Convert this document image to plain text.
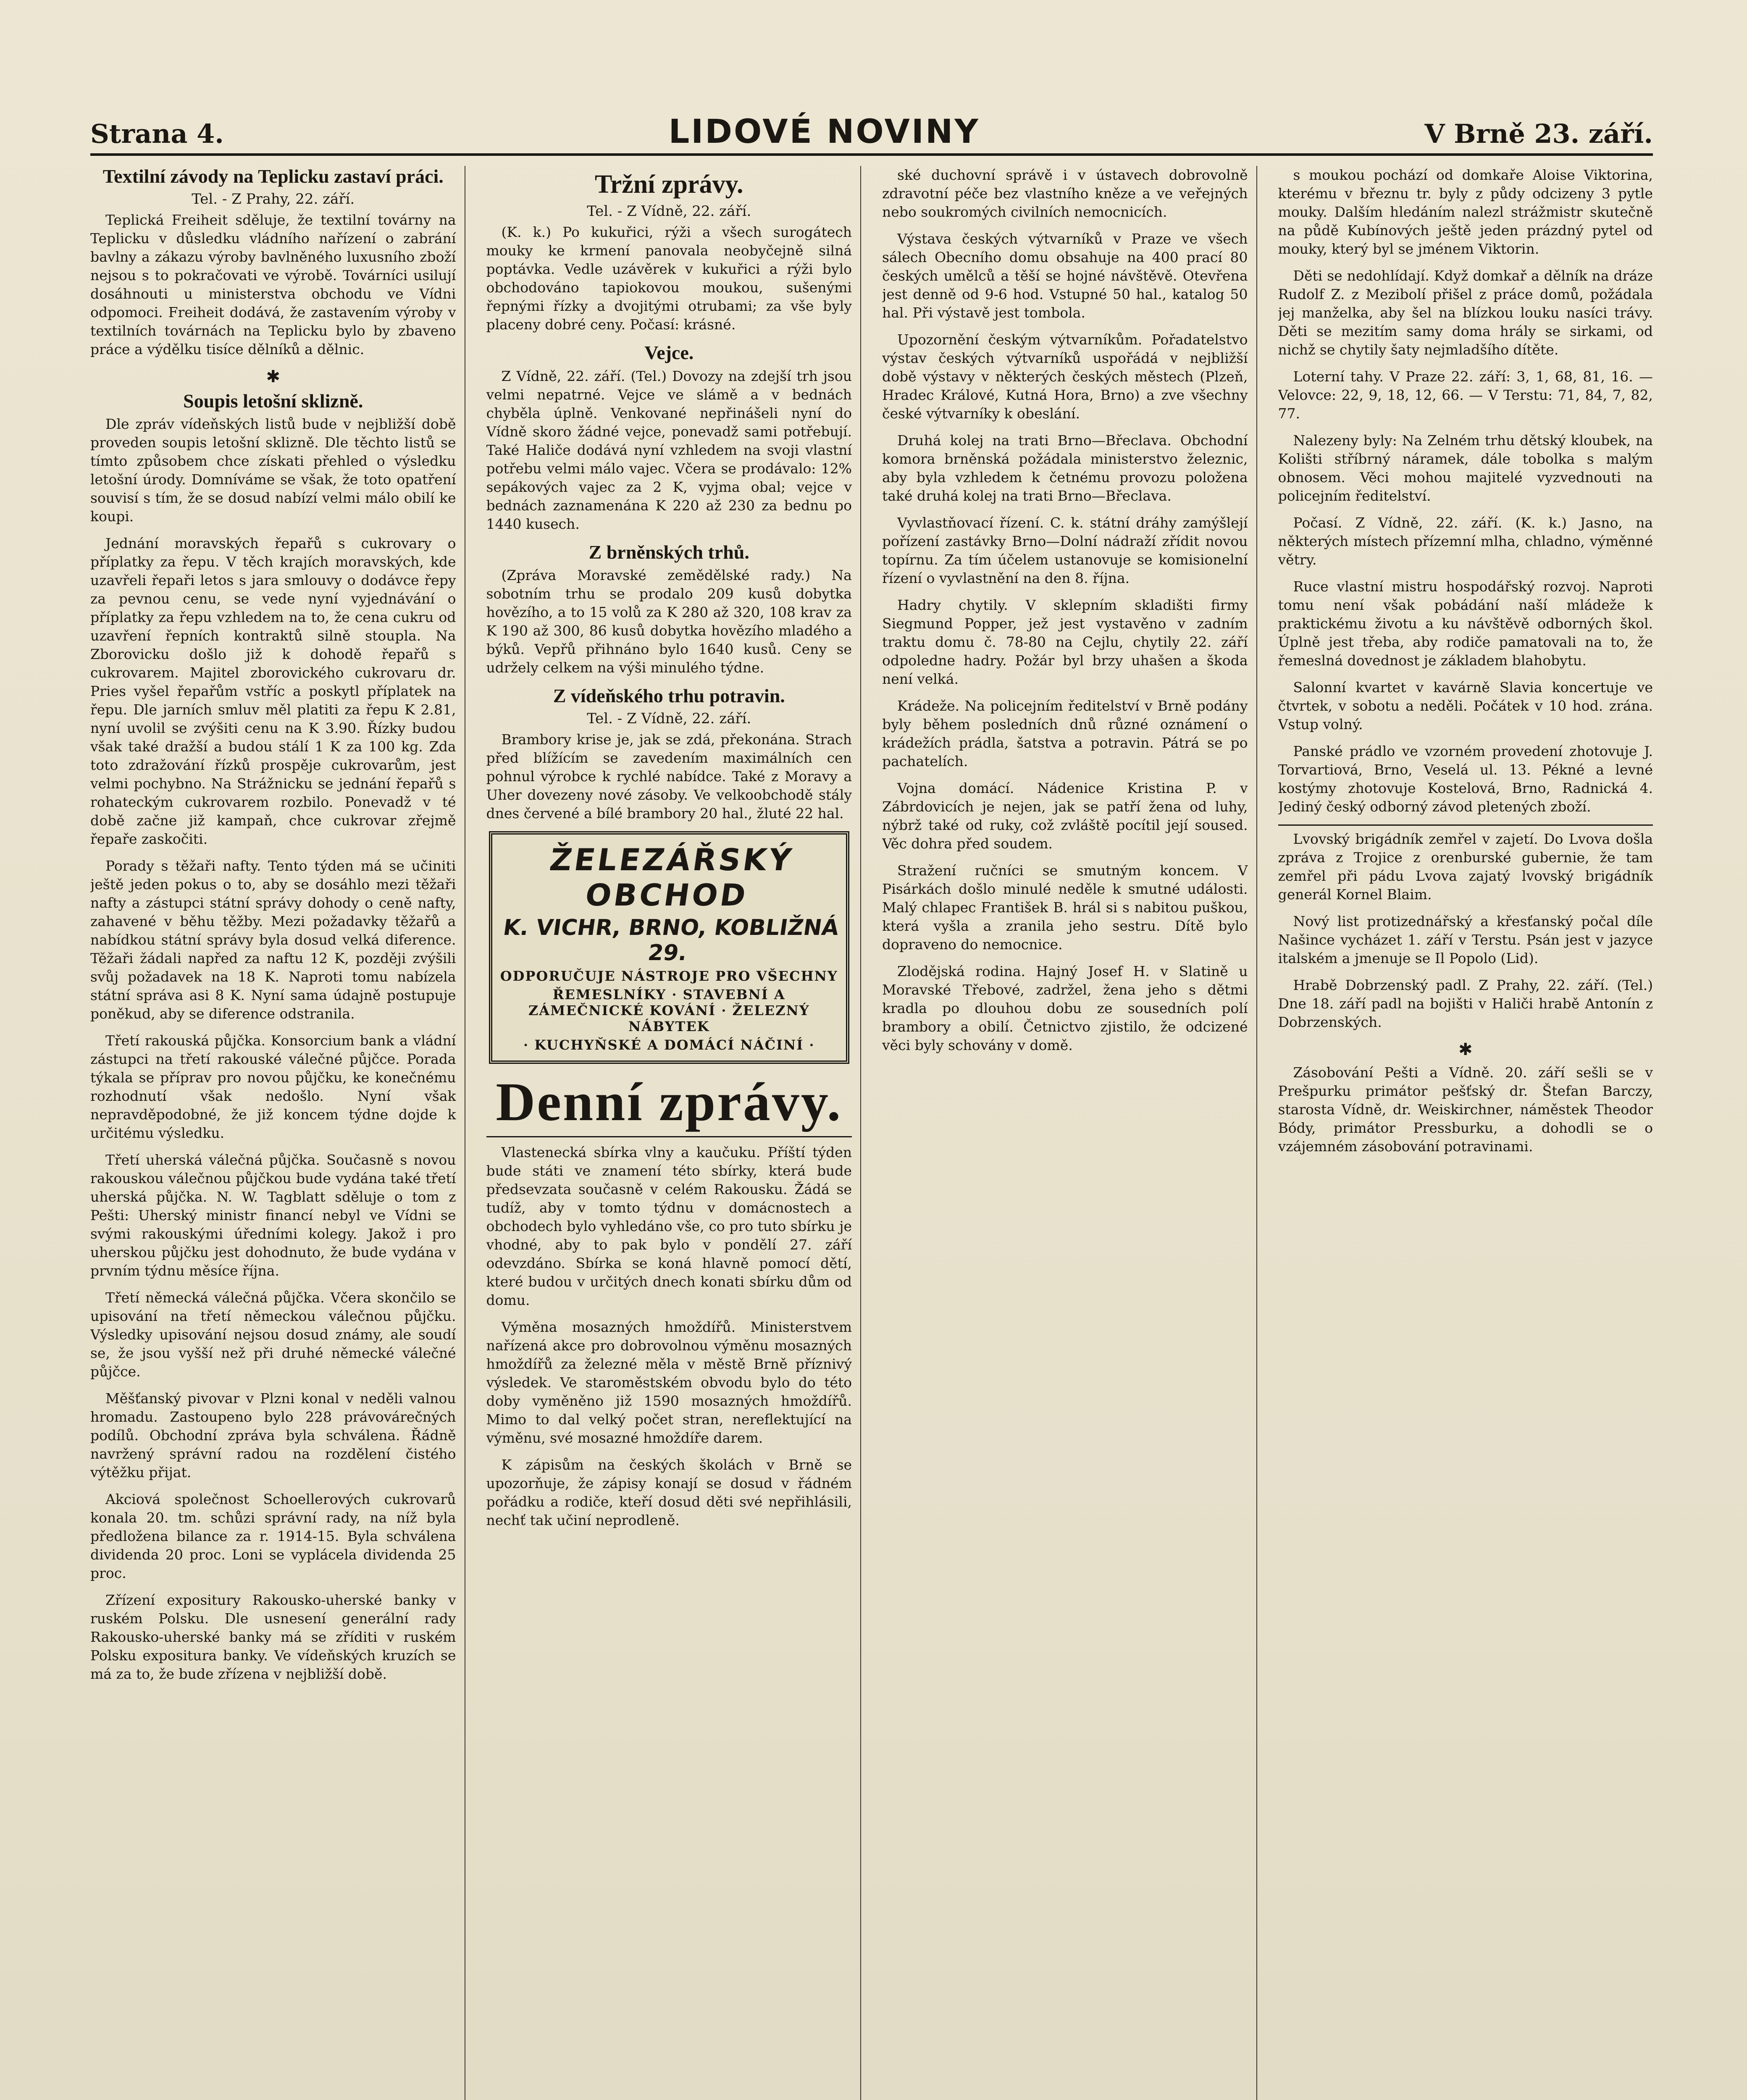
Strana 4.	LIDOVÉ NOVINY	V Brně 23. září.
Textilní závody na Teplicku zastaví práci.
Tel. - Z Prahy, 22. září.

Teplická Freiheit sděluje, že textilní továrny na Teplicku v důsledku vládního nařízení o zabrání bavlny a zákazu výroby bavlněného luxusního zboží nejsou s to pokračovati ve výrobě. Továrníci usilují dosáhnouti u ministerstva obchodu ve Vídni odpomoci. Freiheit dodává, že zastavením výroby v textilních továrnách na Teplicku bylo by zbaveno práce a výdělku tisíce dělníků a dělnic.

✱
Soupis letošní sklizně.

Dle zpráv vídeňských listů bude v nejbližší době proveden soupis letošní sklizně. Dle těchto listů se tímto způsobem chce získati přehled o výsledku letošní úrody. Domníváme se však, že toto opatření souvisí s tím, že se dosud nabízí velmi málo obilí ke koupi.

Jednání moravských řepařů s cukrovary o příplatky za řepu. V těch krajích moravských, kde uzavřeli řepaři letos s jara smlouvy o dodávce řepy za pevnou cenu, se vede nyní vyjednávání o příplatky za řepu vzhledem na to, že cena cukru od uzavření řepních kontraktů silně stoupla. Na Zborovicku došlo již k dohodě řepařů s cukrovarem. Majitel zborovického cukrovaru dr. Pries vyšel řepařům vstříc a poskytl příplatek na řepu. Dle jarních smluv měl platiti za řepu K 2.81, nyní uvolil se zvýšiti cenu na K 3.90. Řízky budou však také dražší a budou stálí 1 K za 100 kg. Zda toto zdražování řízků prospěje cukrovarům, jest velmi pochybno. Na Strážnicku se jednání řepařů s rohateckým cukrovarem rozbilo. Ponevadž v té době začne již kampaň, chce cukrovar zřejmě řepaře zaskočiti.

Porady s těžaři nafty. Tento týden má se učiniti ještě jeden pokus o to, aby se dosáhlo mezi těžaři nafty a zástupci státní správy dohody o ceně nafty, zahavené v běhu těžby. Mezi požadavky těžařů a nabídkou státní správy byla dosud velká diference. Těžaři žádali napřed za naftu 12 K, později zvýšili svůj požadavek na 18 K. Naproti tomu nabízela státní správa asi 8 K. Nyní sama údajně postupuje poněkud, aby se diference odstranila.

Třetí rakouská půjčka. Konsorcium bank a vládní zástupci na třetí rakouské válečné půjčce. Porada týkala se příprav pro novou půjčku, ke konečnému rozhodnutí však nedošlo. Nyní však nepravděpodobné, že již koncem týdne dojde k určitému výsledku.

Třetí uherská válečná půjčka. Současně s novou rakouskou válečnou půjčkou bude vydána také třetí uherská půjčka. N. W. Tagblatt sděluje o tom z Pešti: Uherský ministr financí nebyl ve Vídni se svými rakouskými úředními kolegy. Jakož i pro uherskou půjčku jest dohodnuto, že bude vydána v prvním týdnu měsíce října.

Třetí německá válečná půjčka. Včera skončilo se upisování na třetí německou válečnou půjčku. Výsledky upisování nejsou dosud známy, ale soudí se, že jsou vyšší než při druhé německé válečné půjčce.

Měšťanský pivovar v Plzni konal v neděli valnou hromadu. Zastoupeno bylo 228 právovárečných podílů. Obchodní zpráva byla schválena. Řádně navržený správní radou na rozdělení čistého výtěžku přijat.

Akciová společnost Schoellerových cukrovarů konala 20. tm. schůzi správní rady, na níž byla předložena bilance za r. 1914-15. Byla schválena dividenda 20 proc. Loni se vyplácela dividenda 25 proc.

Zřízení expositury Rakousko-uherské banky v ruském Polsku. Dle usnesení generální rady Rakousko-uherské banky má se zříditi v ruském Polsku expositura banky. Ve vídeňských kruzích se má za to, že bude zřízena v nejbližší době.

Tržní zprávy.
Tel. - Z Vídně, 22. září.

(K. k.) Po kukuřici, rýži a všech surogátech mouky ke krmení panovala neobyčejně silná poptávka. Vedle uzávěrek v kukuřici a rýži bylo obchodováno tapiokovou moukou, sušenými řepnými řízky a dvojitými otrubami; za vše byly placeny dobré ceny. Počasí: krásné.

Vejce.

Z Vídně, 22. září. (Tel.) Dovozy na zdejší trh jsou velmi nepatrné. Vejce ve slámě a v bednách chyběla úplně. Venkované nepřinášeli nyní do Vídně skoro žádné vejce, ponevadž sami potřebují. Také Haliče dodává nyní vzhledem na svoji vlastní potřebu velmi málo vajec. Včera se prodávalo: 12% sepákových vajec za 2 K, vyjma obal; vejce v bednách zaznamenána K 220 až 230 za bednu po 1440 kusech.

Z brněnských trhů.

(Zpráva Moravské zemědělské rady.) Na sobotním trhu se prodalo 209 kusů dobytka hovězího, a to 15 volů za K 280 až 320, 108 krav za K 190 až 300, 86 kusů dobytka hovězího mladého a býků. Vepřů přihnáno bylo 1640 kusů. Ceny se udržely celkem na výši minulého týdne.

Z vídeňského trhu potravin.
Tel. - Z Vídně, 22. září.

Brambory krise je, jak se zdá, překonána. Strach před blížícím se zavedením maximálních cen pohnul výrobce k rychlé nabídce. Také z Moravy a Uher dovezeny nové zásoby. Ve velkoobchodě stály dnes červené a bílé brambory 20 hal., žluté 22 hal.

ŽELEZÁŘSKÝ OBCHOD
K. VICHR, BRNO, KOBLIŽNÁ 29.
ODPORUČUJE NÁSTROJE PRO VŠECHNY
ŘEMESLNÍKY · STAVEBNÍ A ZÁMEČNICKÉ KOVÁNÍ · ŽELEZNÝ NÁBYTEK
· KUCHYŇSKÉ A DOMÁCÍ NÁČINÍ ·
Denní zprávy.

Vlastenecká sbírka vlny a kaučuku. Příští týden bude státi ve znamení této sbírky, která bude předsevzata současně v celém Rakousku. Žádá se tudíž, aby v tomto týdnu v domácnostech a obchodech bylo vyhledáno vše, co pro tuto sbírku je vhodné, aby to pak bylo v pondělí 27. září odevzdáno. Sbírka se koná hlavně pomocí dětí, které budou v určitých dnech konati sbírku dům od domu.

Výměna mosazných hmoždířů. Ministerstvem nařízená akce pro dobrovolnou výměnu mosazných hmoždířů za železné měla v městě Brně příznivý výsledek. Ve staroměstském obvodu bylo do této doby vyměněno již 1590 mosazných hmoždířů. Mimo to dal velký počet stran, nereflektující na výměnu, své mosazné hmoždíře darem.

K zápisům na českých školách v Brně se upozorňuje, že zápisy konají se dosud v řádném pořádku a rodiče, kteří dosud děti své nepřihlásili, nechť tak učiní neprodleně.

ské duchovní správě i v ústavech dobrovolně zdravotní péče bez vlastního kněze a ve veřejných nebo soukromých civilních nemocnicích.

Výstava českých výtvarníků v Praze ve všech sálech Obecního domu obsahuje na 400 prací 80 českých umělců a těší se hojné návštěvě. Otevřena jest denně od 9-6 hod. Vstupné 50 hal., katalog 50 hal. Při výstavě jest tombola.

Upozornění českým výtvarníkům. Pořadatelstvo výstav českých výtvarníků uspořádá v nejbližší době výstavy v některých českých městech (Plzeň, Hradec Králové, Kutná Hora, Brno) a zve všechny české výtvarníky k obeslání.

Druhá kolej na trati Brno—Břeclava. Obchodní komora brněnská požádala ministerstvo železnic, aby byla vzhledem k četnému provozu položena také druhá kolej na trati Brno—Břeclava.

Vyvlastňovací řízení. C. k. státní dráhy zamýšlejí pořízení zastávky Brno—Dolní nádraží zřídit novou topírnu. Za tím účelem ustanovuje se komisionelní řízení o vyvlastnění na den 8. října.

Hadry chytily. V sklepním skladišti firmy Siegmund Popper, jež jest vystavěno v zadním traktu domu č. 78-80 na Cejlu, chytily 22. září odpoledne hadry. Požár byl brzy uhašen a škoda není velká.

Krádeže. Na policejním ředitelství v Brně podány byly během posledních dnů různé oznámení o krádežích prádla, šatstva a potravin. Pátrá se po pachatelích.

Vojna domácí. Nádenice Kristina P. v Zábrdovicích je nejen, jak se patří žena od luhy, nýbrž také od ruky, což zvláště pocítil její soused. Věc dohra před soudem.

Stražení ručníci se smutným koncem. V Pisárkách došlo minulé neděle k smutné události. Malý chlapec František B. hrál si s nabitou puškou, která vyšla a zranila jeho sestru. Dítě bylo dopraveno do nemocnice.

Zlodějská rodina. Hajný Josef H. v Slatině u Moravské Třebové, zadržel, žena jeho s dětmi kradla po dlouhou dobu ze sousedních polí brambory a obilí. Četnictvo zjistilo, že odcizené věci byly schovány v domě.

s moukou pochází od domkaře Aloise Viktorina, kterému v březnu tr. byly z půdy odcizeny 3 pytle mouky. Dalším hledáním nalezl strážmistr skutečně na půdě Kubínových ještě jeden prázdný pytel od mouky, který byl se jménem Viktorin.

Děti se nedohlídají. Když domkař a dělník na dráze Rudolf Z. z Mezibolí přišel z práce domů, požádala jej manželka, aby šel na blízkou louku nasíci trávy. Děti se mezitím samy doma hrály se sirkami, od nichž se chytily šaty nejmladšího dítěte.

Loterní tahy. V Praze 22. září: 3, 1, 68, 81, 16. — Velovce: 22, 9, 18, 12, 66. — V Terstu: 71, 84, 7, 82, 77.

Nalezeny byly: Na Zelném trhu dětský kloubek, na Kolišti stříbrný náramek, dále tobolka s malým obnosem. Věci mohou majitelé vyzvednouti na policejním ředitelství.

Počasí. Z Vídně, 22. září. (K. k.) Jasno, na některých místech přízemní mlha, chladno, výměnné větry.

Ruce vlastní mistru hospodářský rozvoj. Naproti tomu není však pobádání naší mládeže k praktickému životu a ku návštěvě odborných škol. Úplně jest třeba, aby rodiče pamatovali na to, že řemeslná dovednost je základem blahobytu.

Salonní kvartet v kavárně Slavia koncertuje ve čtvrtek, v sobotu a neděli. Počátek v 10 hod. zrána. Vstup volný.

Panské prádlo ve vzorném provedení zhotovuje J. Torvartiová, Brno, Veselá ul. 13. Pékné a levné kostýmy zhotovuje Kostelová, Brno, Radnická 4. Jediný český odborný závod pletených zboží.

Lvovský brigádník zemřel v zajetí. Do Lvova došla zpráva z Trojice z orenburské gubernie, že tam zemřel při pádu Lvova zajatý lvovský brigádník generál Kornel Blaim.

Nový list protizednářský a křesťanský počal díle Našince vycházet 1. září v Terstu. Psán jest v jazyce italském a jmenuje se Il Popolo (Lid).

Hrabě Dobrzenský padl. Z Prahy, 22. září. (Tel.) Dne 18. září padl na bojišti v Haliči hrabě Antonín z Dobrzenských.

✱

Zásobování Pešti a Vídně. 20. září sešli se v Prešpurku primátor pešťský dr. Štefan Barczy, starosta Vídně, dr. Weiskirchner, náměstek Theodor Bódy, primátor Pressburku, a dohodli se o vzájemném zásobování potravinami.
